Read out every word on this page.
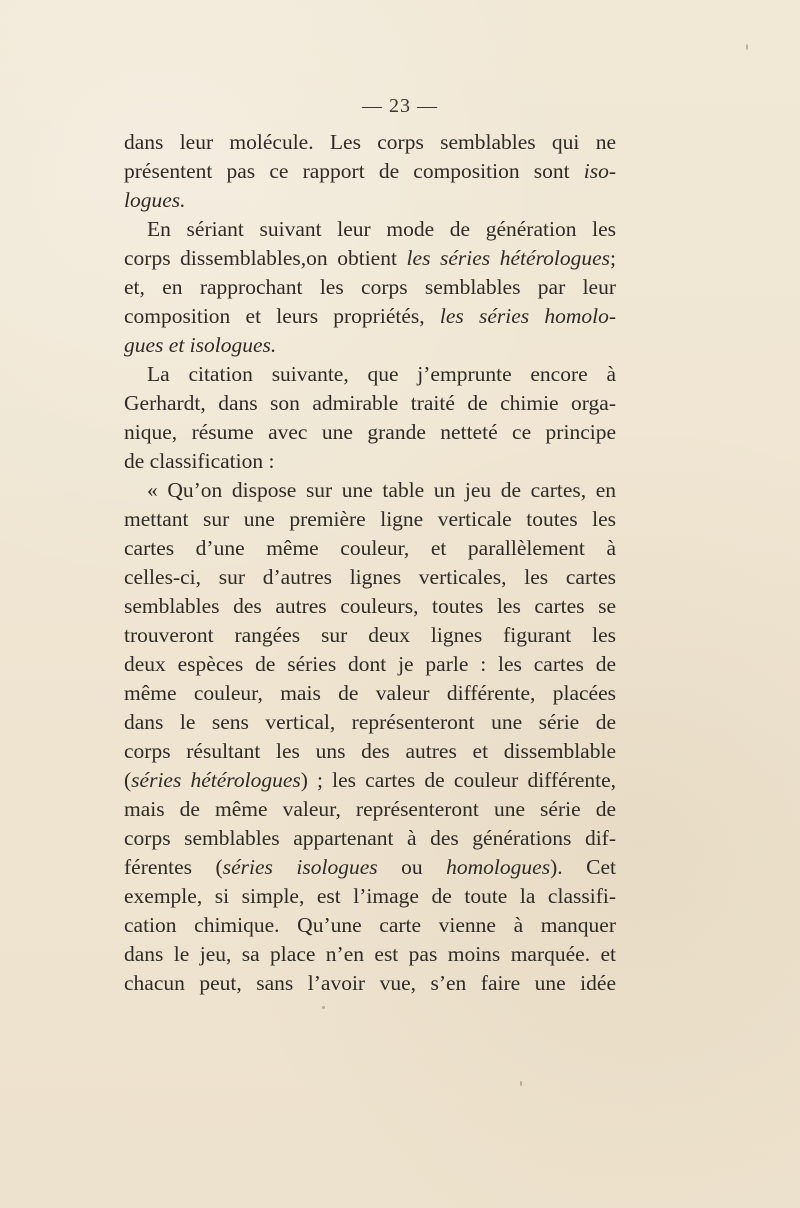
— 23 —
dans leur molécule. Les corps semblables qui ne
présentent pas ce rapport de composition sont iso-
logues.
En sériant suivant leur mode de génération les
corps dissemblables,on obtient les séries hétérologues;
et, en rapprochant les corps semblables par leur
composition et leurs propriétés, les séries homolo-
gues et isologues.
La citation suivante, que j’emprunte encore à
Gerhardt, dans son admirable traité de chimie orga-
nique, résume avec une grande netteté ce principe
de classification :
« Qu’on dispose sur une table un jeu de cartes, en
mettant sur une première ligne verticale toutes les
cartes d’une même couleur, et parallèlement à
celles-ci, sur d’autres lignes verticales, les cartes
semblables des autres couleurs, toutes les cartes se
trouveront rangées sur deux lignes figurant les
deux espèces de séries dont je parle : les cartes de
même couleur, mais de valeur différente, placées
dans le sens vertical, représenteront une série de
corps résultant les uns des autres et dissemblable
(séries hétérologues) ; les cartes de couleur différente,
mais de même valeur, représenteront une série de
corps semblables appartenant à des générations dif-
férentes (séries isologues ou homologues). Cet
exemple, si simple, est l’image de toute la classifi-
cation chimique. Qu’une carte vienne à manquer
dans le jeu, sa place n’en est pas moins marquée. et
chacun peut, sans l’avoir vue, s’en faire une idée
